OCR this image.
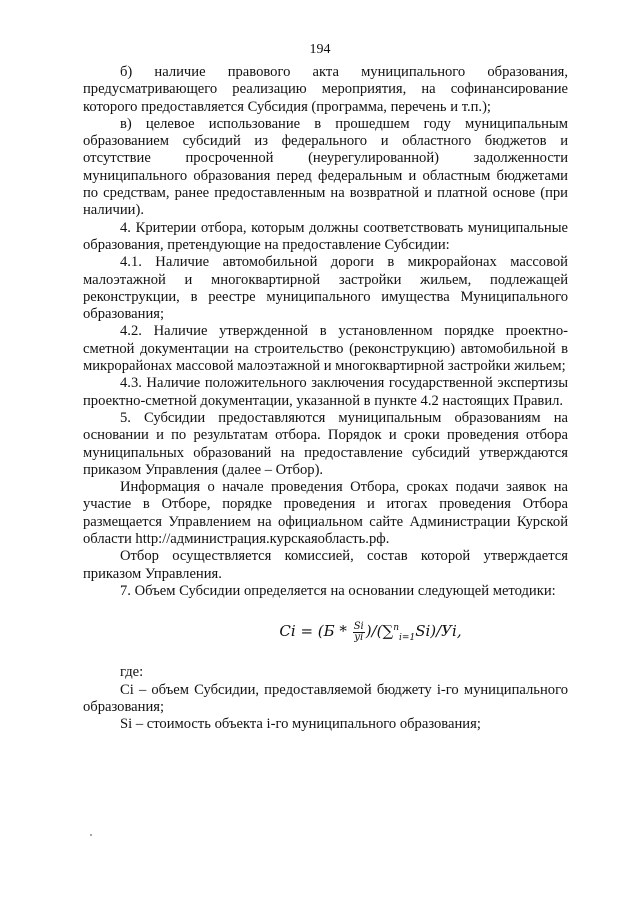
194

б) наличие правового акта муниципального образования, предусматривающего реализацию мероприятия, на софинансирование которого предоставляется Субсидия (программа, перечень и т.п.);

в) целевое использование в прошедшем году муниципальным образованием субсидий из федерального и областного бюджетов и отсутствие просроченной (неурегулированной) задолженности муниципального образования перед федеральным и областным бюджетами по средствам, ранее предоставленным на возвратной и платной основе (при наличии).

4. Критерии отбора, которым должны соответствовать муниципальные образования, претендующие на предоставление Субсидии:

4.1. Наличие автомобильной дороги в микрорайонах массовой малоэтажной и многоквартирной застройки жильем, подлежащей реконструкции, в реестре муниципального имущества Муниципального образования;

4.2. Наличие утвержденной в установленном порядке проектно-сметной документации на строительство (реконструкцию) автомобильной в микрорайонах массовой малоэтажной и многоквартирной застройки жильем;

4.3. Наличие положительного заключения государственной экспертизы проектно-сметной документации, указанной в пункте 4.2 настоящих Правил.

5. Субсидии предоставляются муниципальным образованиям на основании и по результатам отбора. Порядок и сроки проведения отбора муниципальных образований на предоставление субсидий утверждаются приказом Управления (далее – Отбор).

Информация о начале проведения Отбора, сроках подачи заявок на участие в Отборе, порядке проведения и итогах проведения Отбора размещается Управлением на официальном сайте Администрации Курской области http://администрация.курскаяобласть.рф.

Отбор осуществляется комиссией, состав которой утверждается приказом Управления.

7. Объем Субсидии определяется на основании следующей методики:

$Ci = (Б * \frac{Si}{yi} )/(\sum^n_{i=1}Si)/Уi$,

где:

Ci – объем Субсидии, предоставляемой бюджету i-го муниципального образования;

Si – стоимость объекта i-го муниципального образования;
